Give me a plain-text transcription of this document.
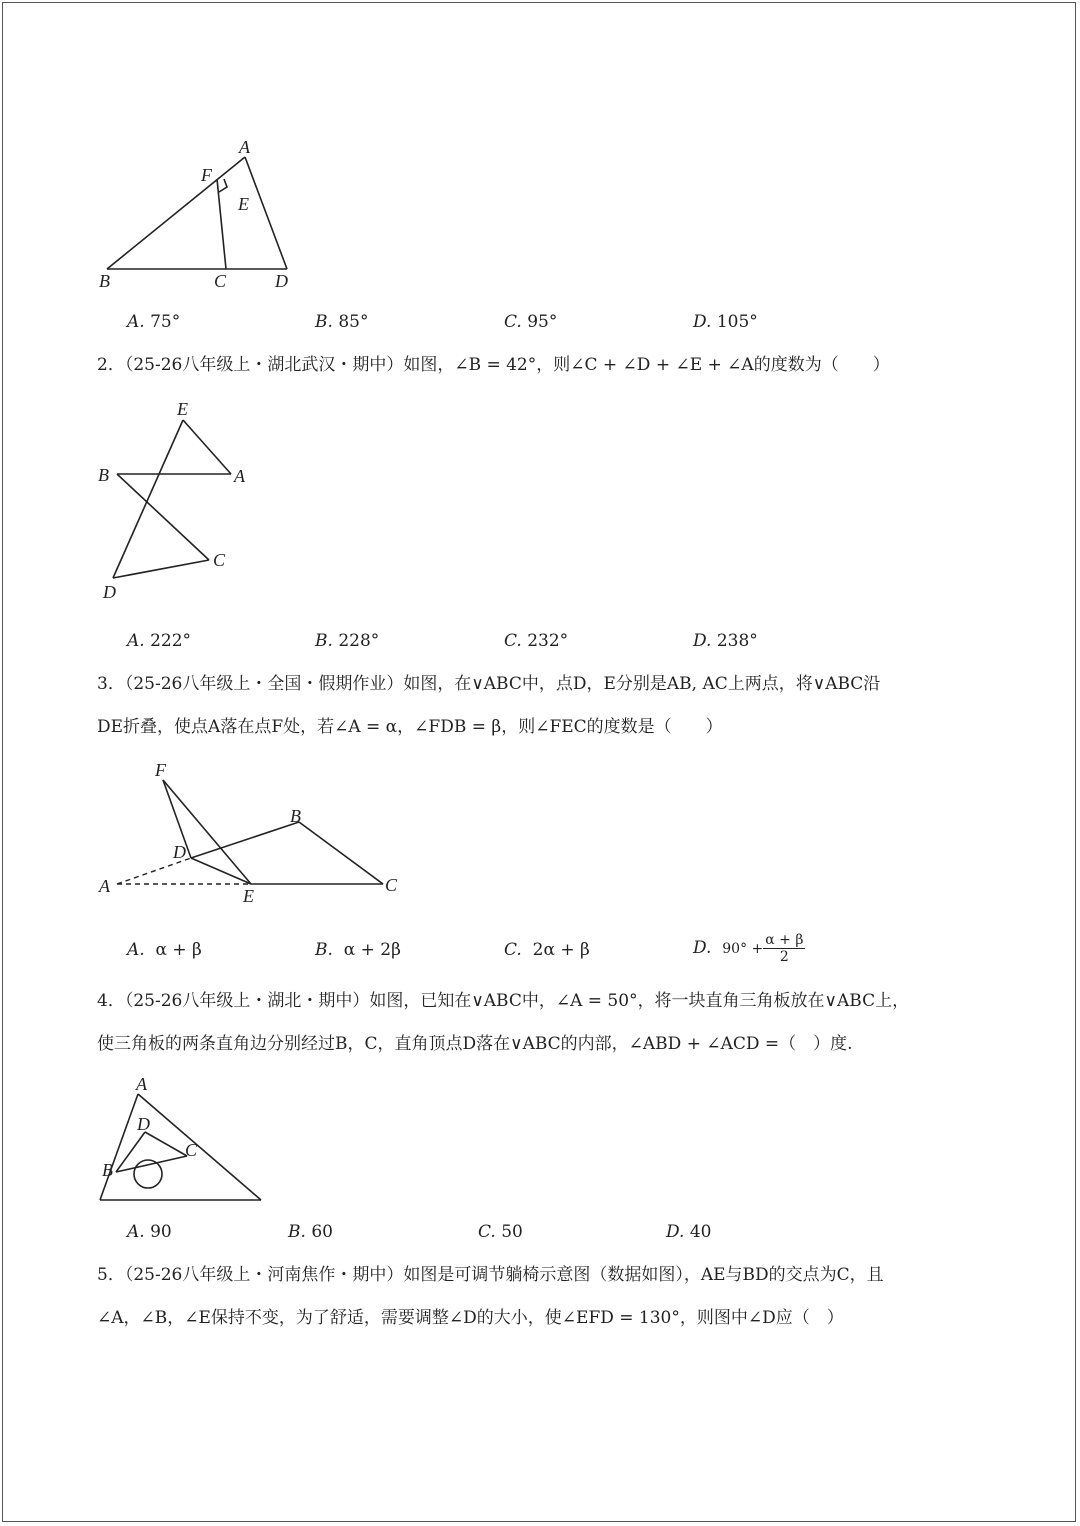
A
F
E
B	C	D
A. 75°	B. 85°	C. 95°	D. 105°
2．（25-26八年级上・湖北武汉・期中）如图，∠B = 42°，则∠C + ∠D + ∠E + ∠A的度数为（　　）
E
B	A
C
D
A. 222°	B. 228°	C. 232°	D. 238°
3．（25-26八年级上・全国・假期作业）如图，在∨ABC中，点D，E分别是AB, AC上两点，将∨ABC沿
DE折叠，使点A落在点F处，若∠A = α，∠FDB = β，则∠FEC的度数是（　　）
F
B
D
A	E
C
A. α + β	B. α + 2β	C. 2α + β	D. $90^\circ + \frac{\alpha + \beta}{2}$
4．（25-26八年级上・湖北・期中）如图，已知在∨ABC中，∠A = 50°，将一块直角三角板放在∨ABC上，
使三角板的两条直角边分别经过B，C，直角顶点D落在∨ABC的内部，∠ABD + ∠ACD =（　）度.
A
D
C
B
A. 90	B. 60	C. 50	D. 40
5．（25-26八年级上・河南焦作・期中）如图是可调节躺椅示意图（数据如图），AE与BD的交点为C，且
∠A，∠B，∠E保持不变，为了舒适，需要调整∠D的大小，使∠EFD = 130°，则图中∠D应（　）
